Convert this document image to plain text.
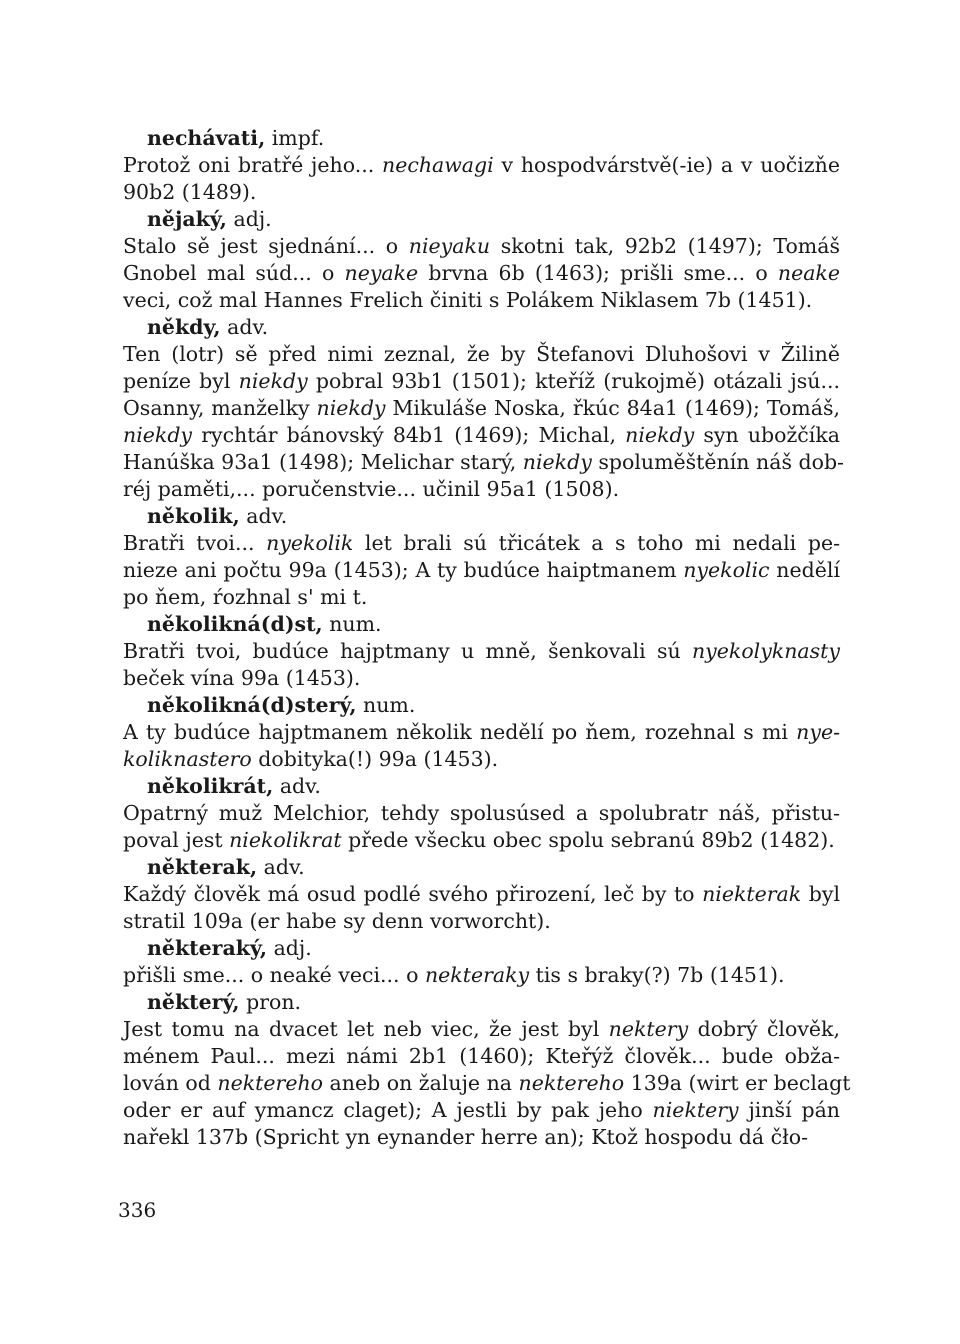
nechávati, impf.
Protož oni bratřé jeho... nechawagi v hospodvárstvě(-ie) a v uočizňe
90b2 (1489).
nějaký, adj.
Stalo sě jest sjednání... o nieyaku skotni tak, 92b2 (1497); Tomáš
Gnobel mal súd... o neyake brvna 6b (1463); prišli sme... o neake
veci, což mal Hannes Frelich činiti s Polákem Niklasem 7b (1451).
někdy, adv.
Ten (lotr) sě před nimi zeznal, že by Štefanovi Dluhošovi v Žilině
peníze byl niekdy pobral 93b1 (1501); kteříž (rukojmě) otázali jsú...
Osanny, manželky niekdy Mikuláše Noska, řkúc 84a1 (1469); Tomáš,
niekdy rychtár bánovský 84b1 (1469); Michal, niekdy syn ubožčíka
Hanúška 93a1 (1498); Melichar starý, niekdy spoluměštěnín náš dob-
réj paměti,... poručenstvie... učinil 95a1 (1508).
několik, adv.
Bratři tvoi... nyekolik let brali sú třicátek a s toho mi nedali pe-
nieze ani počtu 99a (1453); A ty budúce haiptmanem nyekolic nedělí
po ňem, ŕozhnal s' mi t.
několikná(d)st, num.
Bratři tvoi, budúce hajptmany u mně, šenkovali sú nyekolyknasty
beček vína 99a (1453).
několikná(d)sterý, num.
A ty budúce hajptmanem několik nedělí po ňem, rozehnal s mi nye-
koliknastero dobityka(!) 99a (1453).
několikrát, adv.
Opatrný muž Melchior, tehdy spolusúsed a spolubratr náš, přistu-
poval jest niekolikrat přede všecku obec spolu sebranú 89b2 (1482).
některak, adv.
Každý člověk má osud podlé svého přirození, leč by to niekterak byl
stratil 109a (er habe sy denn vorworcht).
některaký, adj.
přišli sme... o neaké veci... o nekteraky tis s braky(?) 7b (1451).
některý, pron.
Jest tomu na dvacet let neb viec, že jest byl nektery dobrý člověk,
ménem Paul... mezi námi 2b1 (1460); Kteřýž člověk... bude obža-
lován od nektereho aneb on žaluje na nektereho 139a (wirt er beclagt
oder er auf ymancz claget); A jestli by pak jeho niektery jinší pán
nařekl 137b (Spricht yn eynander herre an); Ktož hospodu dá čło-
336
